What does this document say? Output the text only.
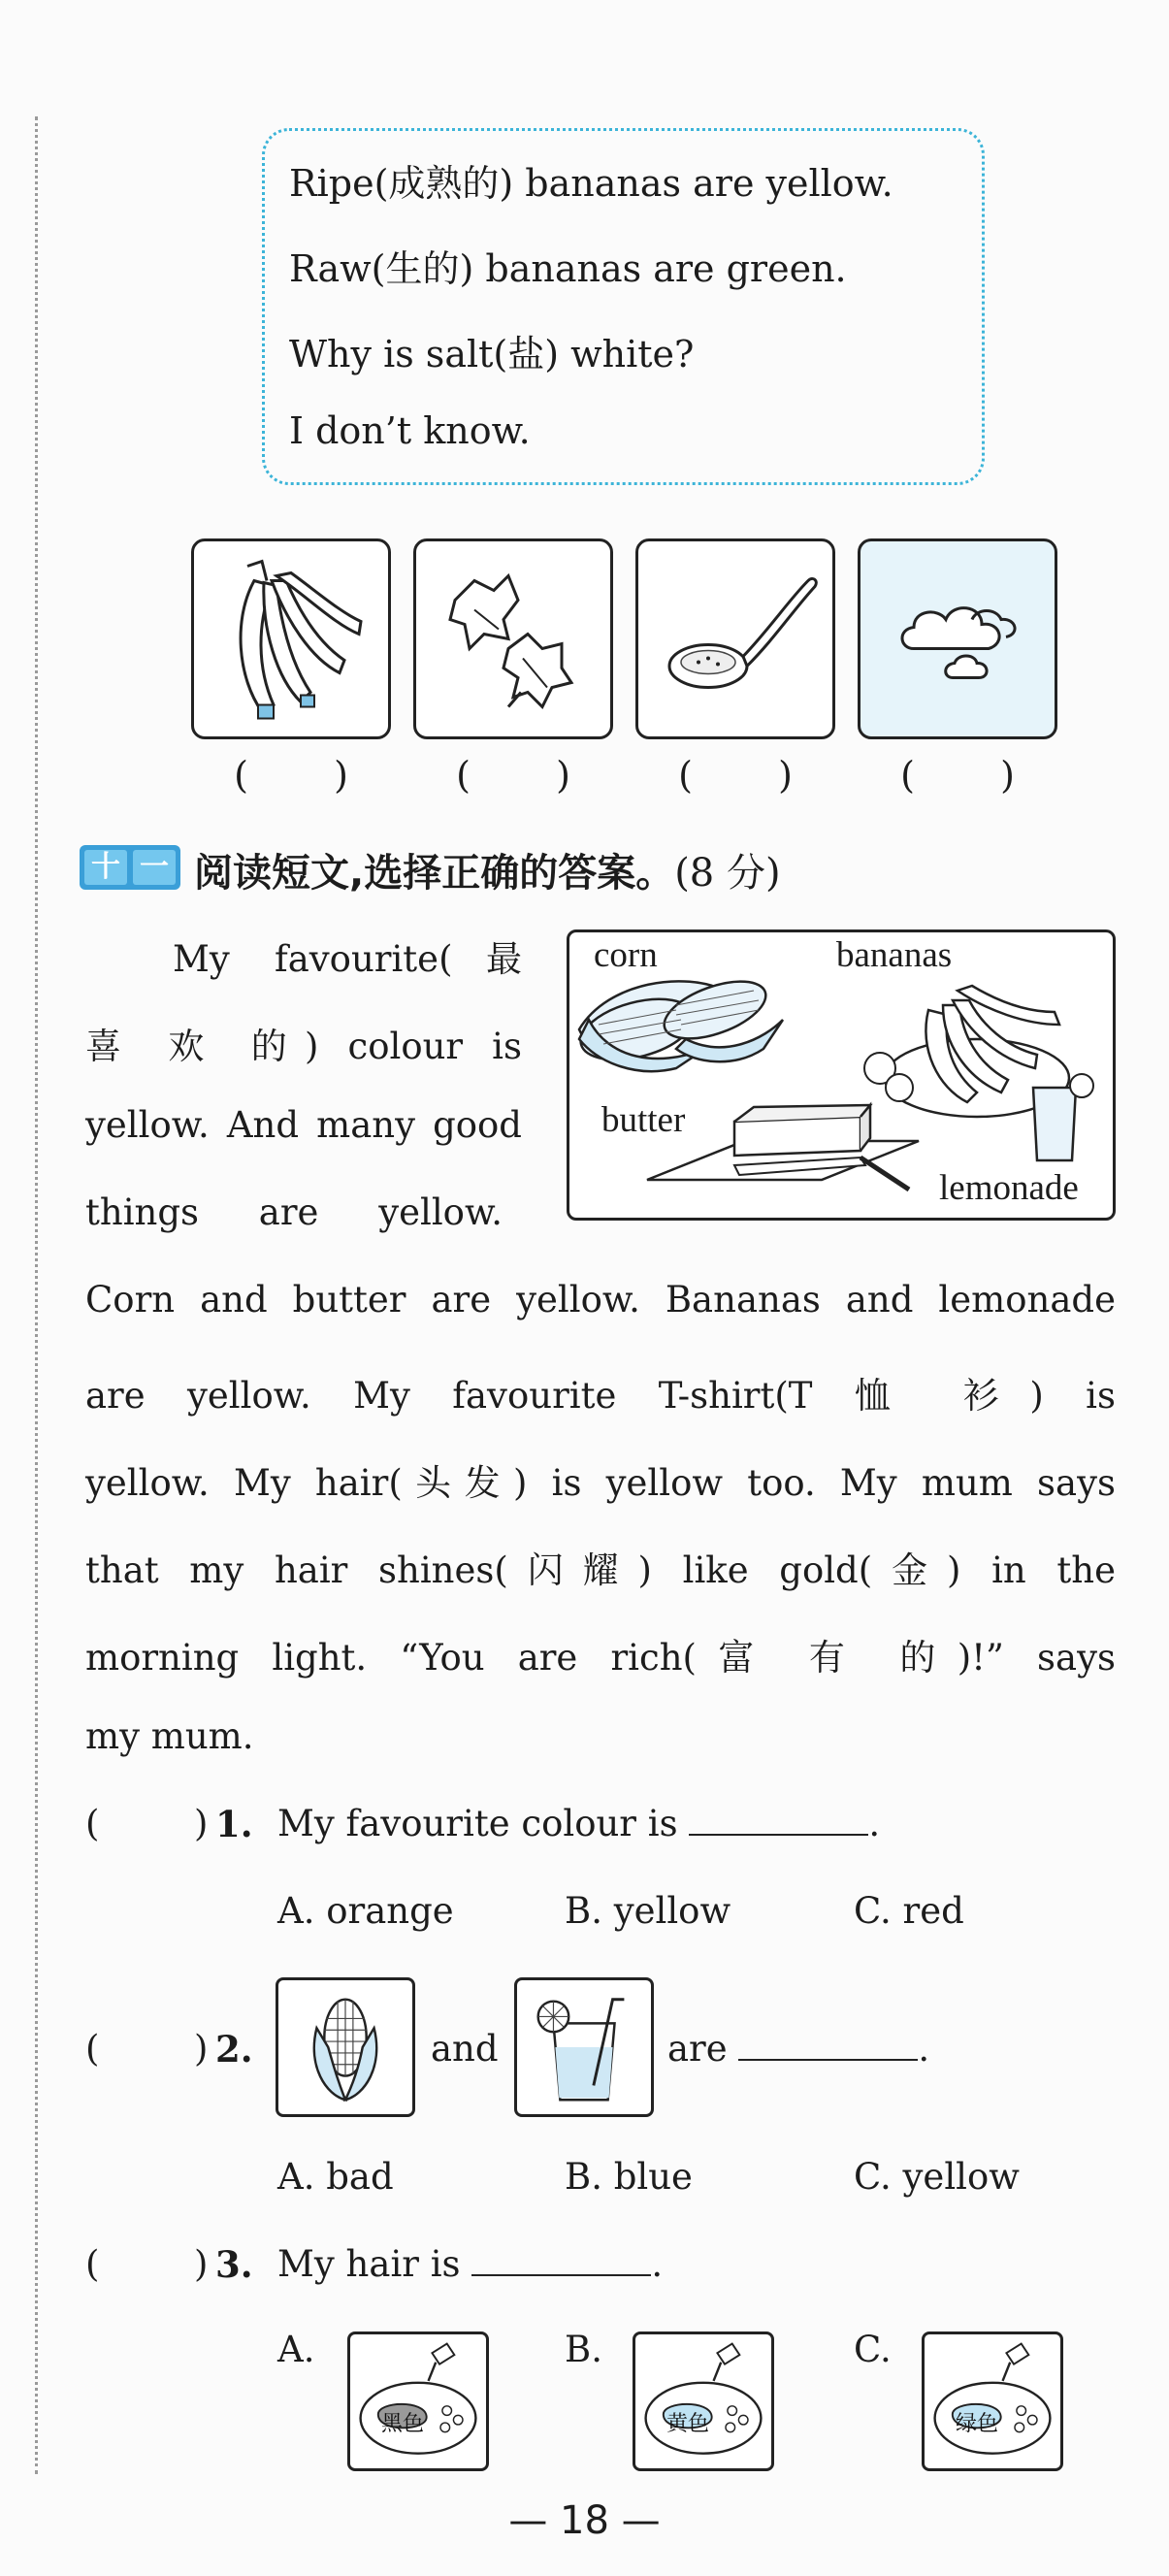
Ripe(成熟的) bananas are yellow.
Raw(生的) bananas are green.
Why is salt(盐) white?
I don’t know.
( )	( )	( )	( )
十 一 阅读短文,选择正确的答案。(8 分)
corn	bananas
butter
lemonade
My favourite(最
喜 欢 的) colour is
yellow. And many good
things are yellow.
Corn and butter are yellow. Bananas and lemonade
are yellow. My favourite T-shirt(T 恤 衫) is
yellow. My hair(头发) is yellow too. My mum says
that my hair shines(闪耀) like gold(金) in the
morning light. “You are rich(富 有 的)!” says
my mum.
(	) 1. My favourite colour is	.
A. orange	B. yellow	C. red
(	) 2.	and	are	.
A. bad	B. blue	C. yellow
(	) 3. My hair is	.
A.
黑色
B.
黄色
C.
绿色
— 18 —
